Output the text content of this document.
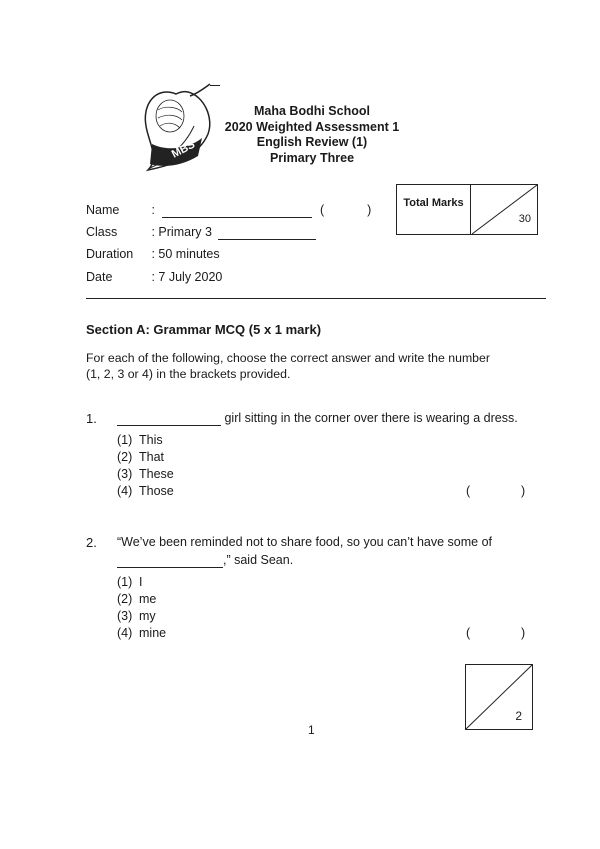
MBS
Maha Bodhi School
2020 Weighted Assessment 1
English Review (1)
Primary Three
Name	:	(	)
Class	: Primary 3
Duration : 50 minutes
Date	: 7 July 2020
Total Marks
30
Section A: Grammar MCQ (5 x 1 mark)
For each of the following, choose the correct answer and write the number
(1, 2, 3 or 4) in the brackets provided.
1.	girl sitting in the corner over there is wearing a dress.
(1) This
(2) That
(3) These
(4) Those	(	)
2. “We’ve been reminded not to share food, so you can’t have some of
,” said Sean.
(1) I
(2) me
(3) my
(4) mine	(	)
2
1
